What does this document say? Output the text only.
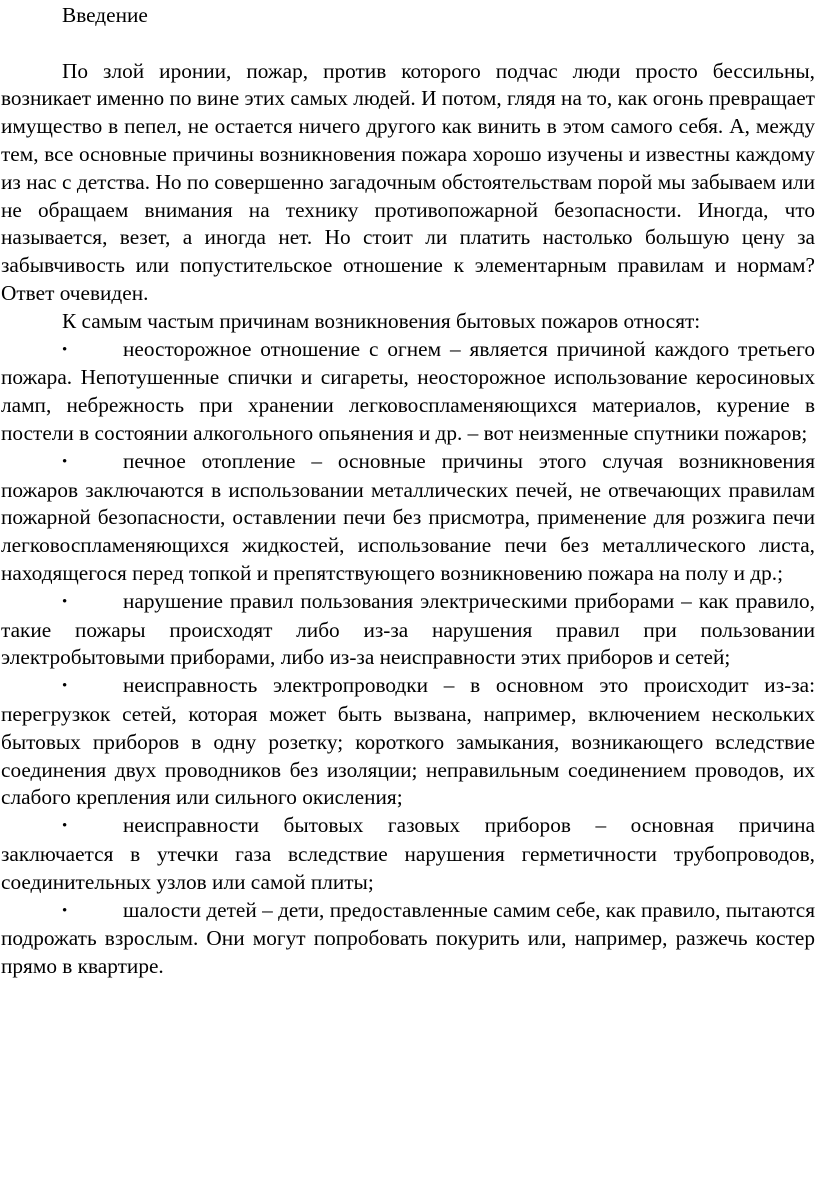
Введение

По злой иронии, пожар, против которого подчас люди просто бессильны, возникает именно по вине этих самых людей. И потом, глядя на то, как огонь превращает имущество в пепел, не остается ничего другого как винить в этом самого себя. А, между тем, все основные причины возникновения пожара хорошо изучены и известны каждому из нас с детства. Но по совершенно загадочным обстоятельствам порой мы забываем или не обращаем внимания на технику противопожарной безопасности. Иногда, что называется, везет, а иногда нет. Но стоит ли платить настолько большую цену за забывчивость или попустительское отношение к элементарным правилам и нормам? Ответ очевиден.

К самым частым причинам возникновения бытовых пожаров относят:

•	неосторожное отношение с огнем – является причиной каждого третьего пожара. Непотушенные спички и сигареты, неосторожное использование керосиновых ламп, небрежность при хранении легковоспламеняющихся материалов, курение в постели в состоянии алкогольного опьянения и др. – вот неизменные спутники пожаров;
•	печное отопление – основные причины этого случая возникновения пожаров заключаются в использовании металлических печей, не отвечающих правилам пожарной безопасности, оставлении печи без присмотра, применение для розжига печи легковоспламеняющихся жидкостей, использование печи без металлического листа, находящегося перед топкой и препятствующего возникновению пожара на полу и др.;
•	нарушение правил пользования электрическими приборами – как правило, такие пожары происходят либо из-за нарушения правил при пользовании электробытовыми приборами, либо из-за неисправности этих приборов и сетей;
•	неисправность электропроводки – в основном это происходит из-за: перегрузкок сетей, которая может быть вызвана, например, включением нескольких бытовых приборов в одну розетку; короткого замыкания, возникающего вследствие соединения двух проводников без изоляции; неправильным соединением проводов, их слабого крепления или сильного окисления;
•	неисправности бытовых газовых приборов – основная причина заключается в утечки газа вследствие нарушения герметичности трубопроводов, соединительных узлов или самой плиты;
•	шалости детей – дети, предоставленные самим себе, как правило, пытаются подрожать взрослым. Они могут попробовать покурить или, например, разжечь костер прямо в квартире.
